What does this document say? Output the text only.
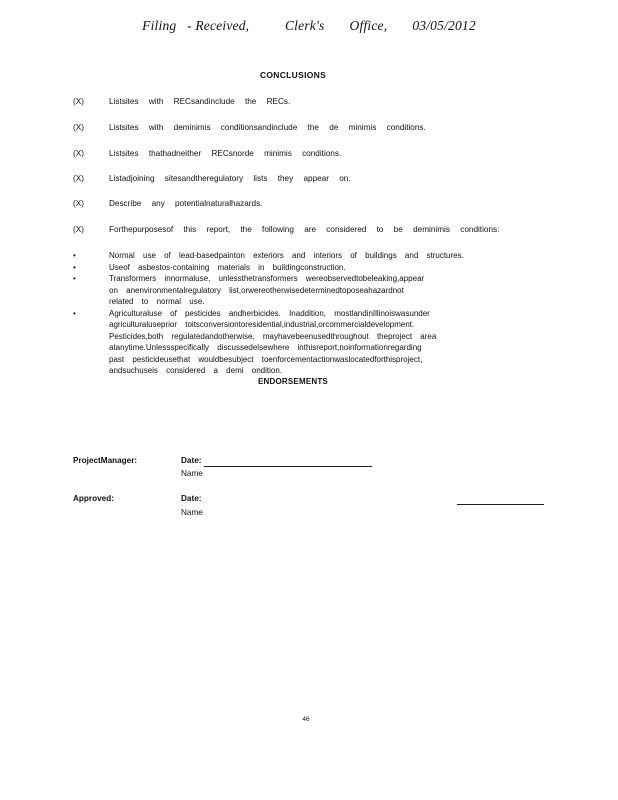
Filing   - Received,          Clerk's       Office,       03/05/2012
CONCLUSIONS
(X)	Listsites with RECsandinclude the RECs.
(X)	Listsites with deminimis conditionsandinclude the de minimis conditions.
(X)	Listsites thathadneither RECsnorde minimis conditions.
(X)	Listadjoining sitesandtheregulatory lists they appear on.
(X)	Describe any potentialnaturalhazards.
(X)	Forthepurposesof this report, the following are considered to be deminimis conditions:
•	Normal use of lead-basedpainton exteriors and interiors of buildings and structures.
•	Useof asbestos-containing materials in buildingconstruction.
•	Transformers innormaluse, unlessthetransformers wereobservedtobeleaking,appear
on anenvironmentalregulatory list,orwereotherwisedeterminedtoposeahazardnot
related to normal use.
•	Agriculturaluse of pesticides andherbicides. Inaddition, mostlandinIllinoiswasunder
agriculturaluseprior toitsconversiontoresidential,industrial,orcommercialdevelopment.
Pesticides,both regulatedandotherwise, mayhavebeenusedthroughout theproject area
atanytime.Unlessspecifically discussedelsewhere inthisreport,noinformationregarding
past pesticideusethat wouldbesubject toenforcementactionwaslocatedforthisproject,
andsuchuseis considered a demi ondition.
ENDORSEMENTS
ProjectManager:	Date:
Name
Approved:	Date:
Name
46
